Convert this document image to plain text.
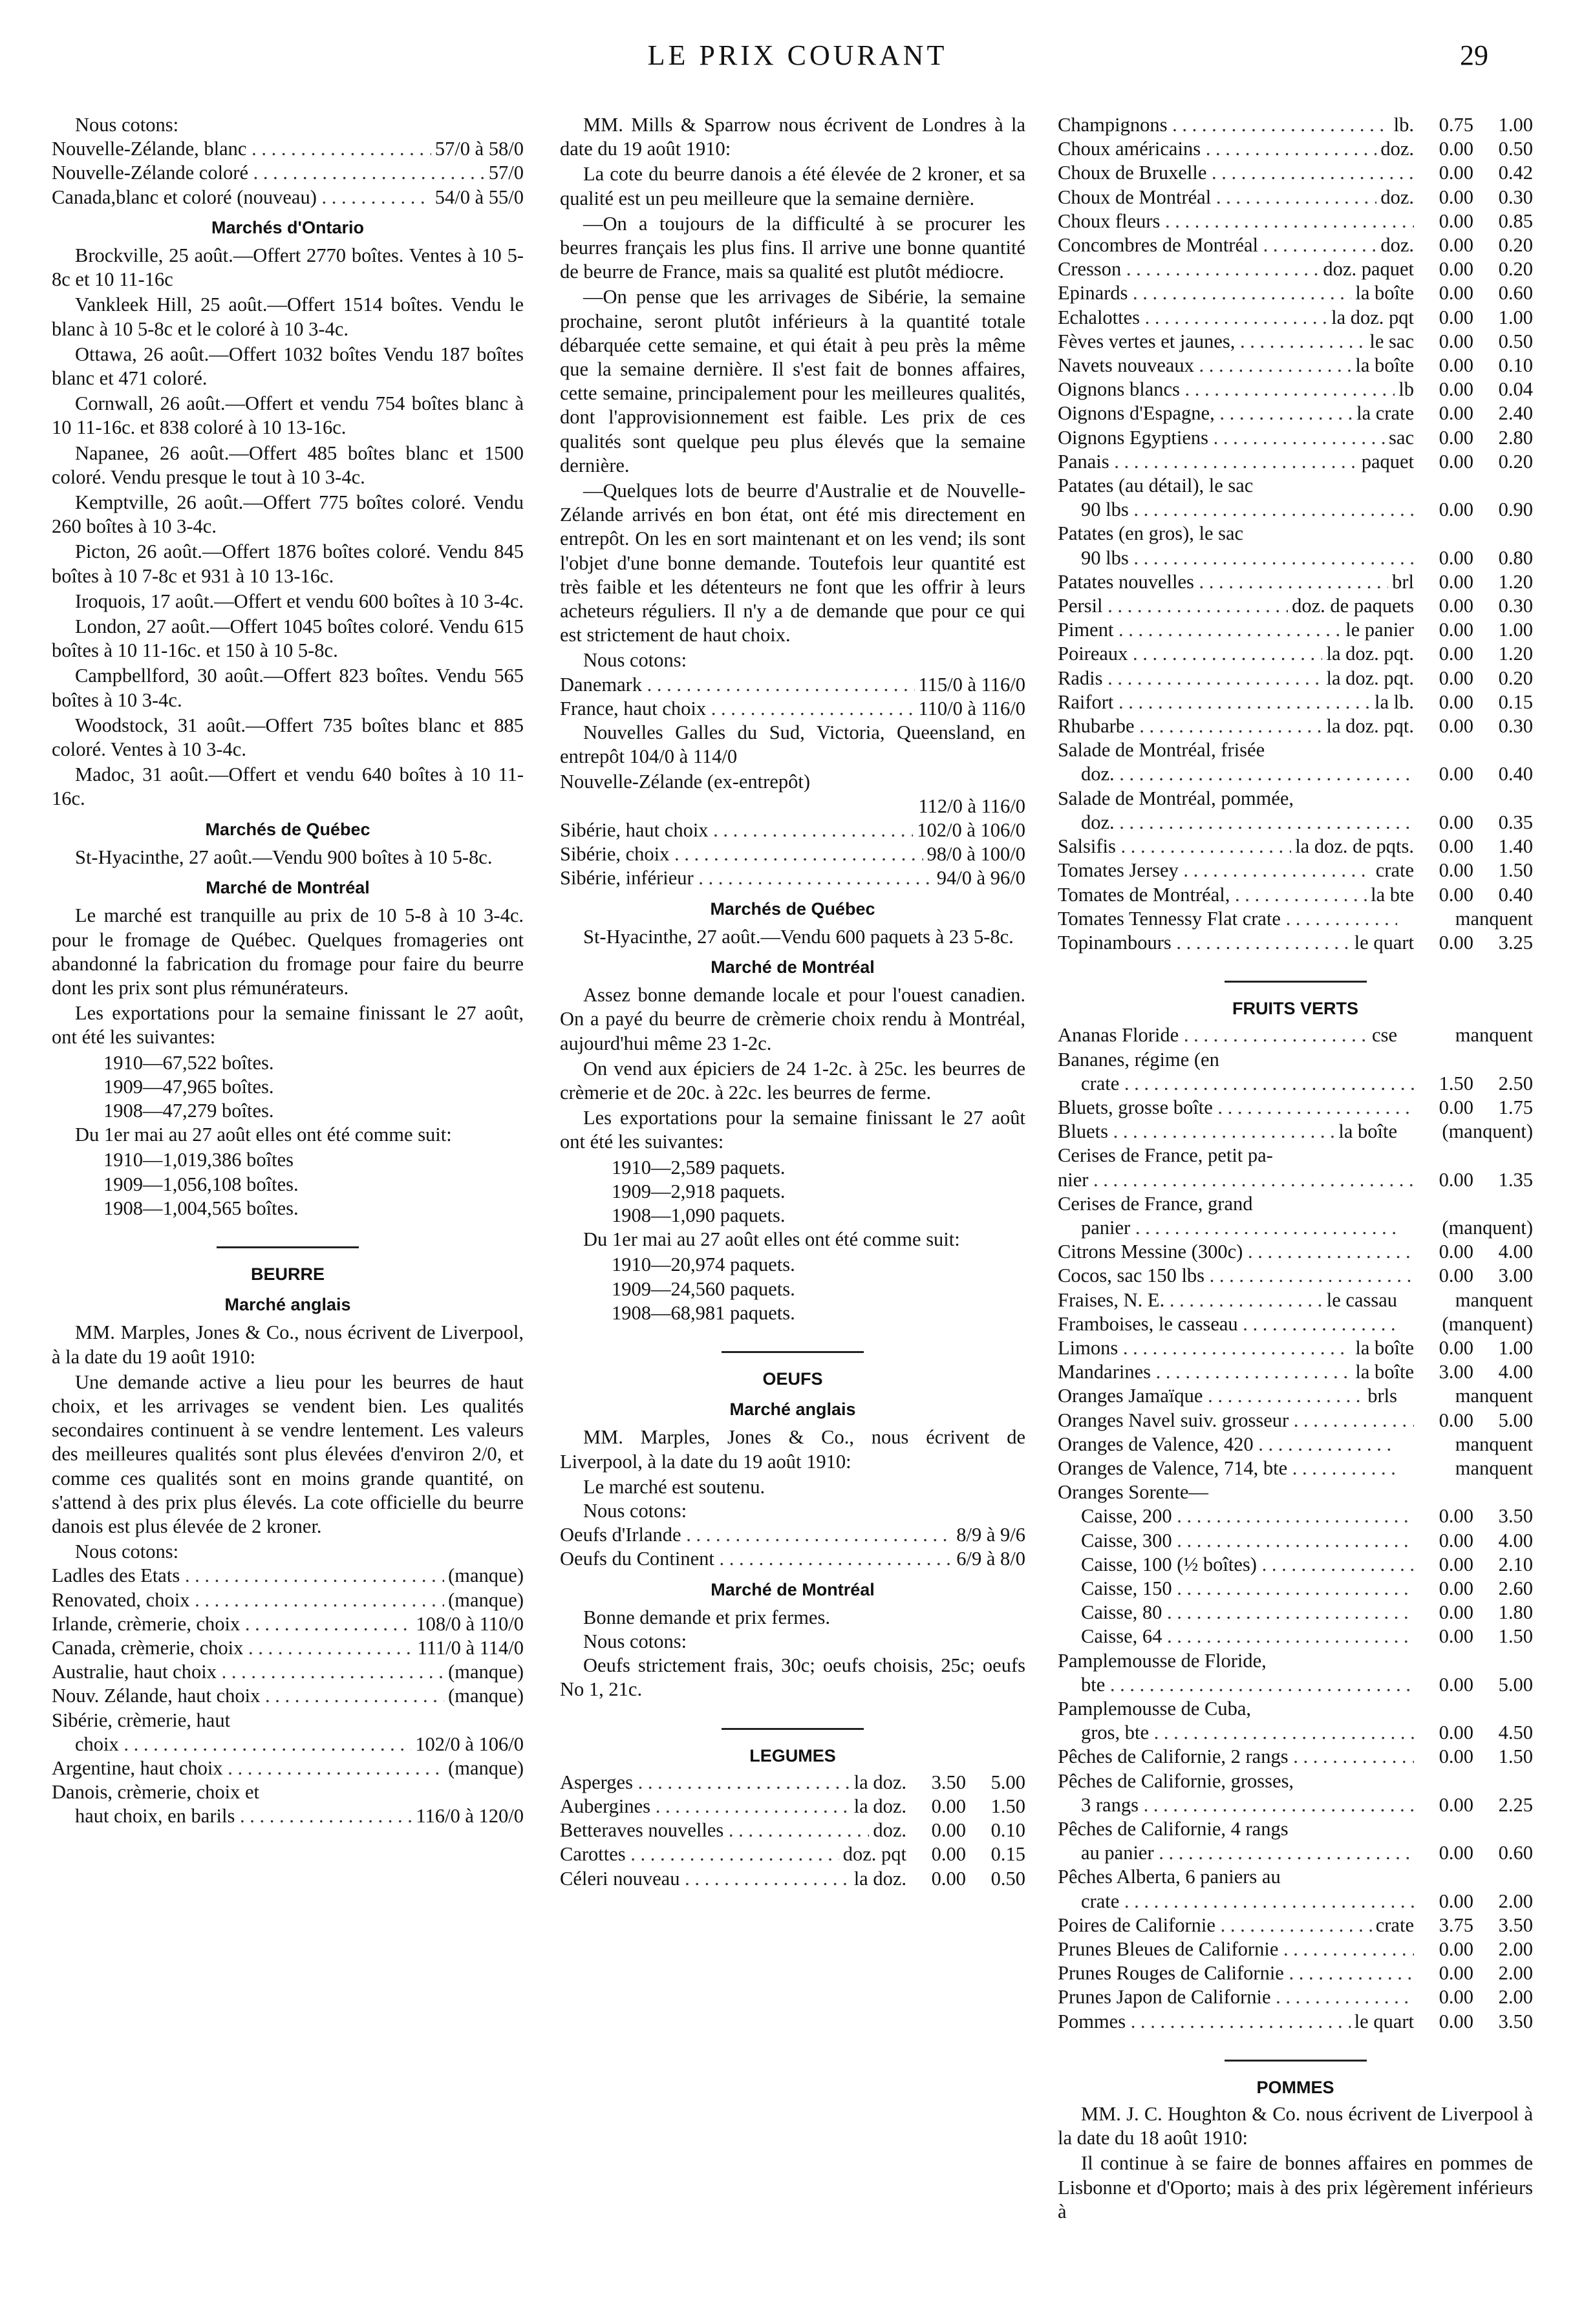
LE PRIX COURANT	29
Nous cotons:
Nouvelle-Zélande, blanc . . .	57/0 à 58/0
Nouvelle-Zélande coloré . . .	57/0
Canada,blanc et coloré (nouveau) . . .	54/0 à 55/0
Marchés d'Ontario

Brockville, 25 août.—Offert 2770 boîtes. Ventes à 10 5-8c et 10 11-16c

Vankleek Hill, 25 août.—Offert 1514 boîtes. Vendu le blanc à 10 5-8c et le coloré à 10 3-4c.

Ottawa, 26 août.—Offert 1032 boîtes Vendu 187 boîtes blanc et 471 coloré.

Cornwall, 26 août.—Offert et vendu 754 boîtes blanc à 10 11-16c. et 838 coloré à 10 13-16c.

Napanee, 26 août.—Offert 485 boîtes blanc et 1500 coloré. Vendu presque le tout à 10 3-4c.

Kemptville, 26 août.—Offert 775 boîtes coloré. Vendu 260 boîtes à 10 3-4c.

Picton, 26 août.—Offert 1876 boîtes coloré. Vendu 845 boîtes à 10 7-8c et 931 à 10 13-16c.

Iroquois, 17 août.—Offert et vendu 600 boîtes à 10 3-4c.

London, 27 août.—Offert 1045 boîtes coloré. Vendu 615 boîtes à 10 11-16c. et 150 à 10 5-8c.

Campbellford, 30 août.—Offert 823 boîtes. Vendu 565 boîtes à 10 3-4c.

Woodstock, 31 août.—Offert 735 boîtes blanc et 885 coloré. Ventes à 10 3-4c.

Madoc, 31 août.—Offert et vendu 640 boîtes à 10 11-16c.

Marchés de Québec

St-Hyacinthe, 27 août.—Vendu 900 boîtes à 10 5-8c.

Marché de Montréal

Le marché est tranquille au prix de 10 5-8 à 10 3-4c. pour le fromage de Québec. Quelques fromageries ont abandonné la fabrication du fromage pour faire du beurre dont les prix sont plus rémunérateurs.

Les exportations pour la semaine finissant le 27 août, ont été les suivantes:

1910—67,522 boîtes.
1909—47,965 boîtes.
1908—47,279 boîtes.

Du 1er mai au 27 août elles ont été comme suit:

1910—1,019,386 boîtes
1909—1,056,108 boîtes.
1908—1,004,565 boîtes.
BEURRE
Marché anglais

MM. Marples, Jones & Co., nous écrivent de Liverpool, à la date du 19 août 1910:

Une demande active a lieu pour les beurres de haut choix, et les arrivages se vendent bien. Les qualités secondaires continuent à se vendre lentement. Les valeurs des meilleures qualités sont plus élevées d'environ 2/0, et comme ces qualités sont en moins grande quantité, on s'attend à des prix plus élevés. La cote officielle du beurre danois est plus élevée de 2 kroner.

Nous cotons:
Ladles des Etats . . .	(manque)
Renovated, choix . . .	(manque)
Irlande, crèmerie, choix . . .	108/0 à 110/0
Canada, crèmerie, choix . . .	111/0 à 114/0
Australie, haut choix . . .	(manque)
Nouv. Zélande, haut choix . . .	(manque)
Sibérie, crèmerie, haut
choix . . .	102/0 à 106/0
Argentine, haut choix . . .	(manque)
Danois, crèmerie, choix et
haut choix, en barils . . .	116/0 à 120/0

MM. Mills & Sparrow nous écrivent de Londres à la date du 19 août 1910:

La cote du beurre danois a été élevée de 2 kroner, et sa qualité est un peu meilleure que la semaine dernière.

—On a toujours de la difficulté à se procurer les beurres français les plus fins. Il arrive une bonne quantité de beurre de France, mais sa qualité est plutôt médiocre.

—On pense que les arrivages de Sibérie, la semaine prochaine, seront plutôt inférieurs à la quantité totale débarquée cette semaine, et qui était à peu près la même que la semaine dernière. Il s'est fait de bonnes affaires, cette semaine, principalement pour les meilleures qualités, dont l'approvisionnement est faible. Les prix de ces qualités sont quelque peu plus élevés que la semaine dernière.

—Quelques lots de beurre d'Australie et de Nouvelle-Zélande arrivés en bon état, ont été mis directement en entrepôt. On les en sort maintenant et on les vend; ils sont l'objet d'une bonne demande. Toutefois leur quantité est très faible et les détenteurs ne font que les offrir à leurs acheteurs réguliers. Il n'y a de demande que pour ce qui est strictement de haut choix.

Nous cotons:
Danemark . . .	115/0 à 116/0
France, haut choix . . .	110/0 à 116/0

Nouvelles Galles du Sud, Victoria, Queensland, en entrepôt 104/0 à 114/0

Nouvelle-Zélande (ex-entrepôt)
112/0 à 116/0
Sibérie, haut choix . . .	102/0 à 106/0
Sibérie, choix . . .	98/0 à 100/0
Sibérie, inférieur . . .	94/0 à 96/0
Marchés de Québec

St-Hyacinthe, 27 août.—Vendu 600 paquets à 23 5-8c.

Marché de Montréal

Assez bonne demande locale et pour l'ouest canadien. On a payé du beurre de crèmerie choix rendu à Montréal, aujourd'hui même 23 1-2c.

On vend aux épiciers de 24 1-2c. à 25c. les beurres de crèmerie et de 20c. à 22c. les beurres de ferme.

Les exportations pour la semaine finissant le 27 août ont été les suivantes:

1910—2,589 paquets.
1909—2,918 paquets.
1908—1,090 paquets.

Du 1er mai au 27 août elles ont été comme suit:

1910—20,974 paquets.
1909—24,560 paquets.
1908—68,981 paquets.
OEUFS
Marché anglais

MM. Marples, Jones & Co., nous écrivent de Liverpool, à la date du 19 août 1910:

Le marché est soutenu.
Nous cotons:
Oeufs d'Irlande . . .	8/9 à 9/6
Oeufs du Continent . . .	6/9 à 8/0
Marché de Montréal
Bonne demande et prix fermes.
Nous cotons:

Oeufs strictement frais, 30c; oeufs choisis, 25c; oeufs No 1, 21c.

LEGUMES
Asperges . . .	la doz.	3.50	5.00
Aubergines . . .	la doz.	0.00	1.50
Betteraves nouvelles . . .	doz.	0.00	0.10
Carottes . . .	doz. pqt	0.00	0.15
Céleri nouveau . . .	la doz.	0.00	0.50
Champignons . . .	lb.	0.75	1.00
Choux américains . . .	doz.	0.00	0.50
Choux de Bruxelle . . .	0.00	0.42
Choux de Montréal . . .	doz.	0.00	0.30
Choux fleurs . . .	0.00	0.85
Concombres de Montréal . . .	doz.	0.00	0.20
Cresson . . .	doz. paquet	0.00	0.20
Epinards . . .	la boîte	0.00	0.60
Echalottes . . .	la doz. pqt	0.00	1.00
Fèves vertes et jaunes, . . .	le sac	0.00	0.50
Navets nouveaux . . .	la boîte	0.00	0.10
Oignons blancs . . .	lb	0.00	0.04
Oignons d'Espagne, . . .	la crate	0.00	2.40
Oignons Egyptiens . . .	sac	0.00	2.80
Panais . . .	paquet	0.00	0.20
Patates (au détail), le sac
90 lbs . . .	0.00	0.90
Patates (en gros), le sac
90 lbs . . .	0.00	0.80
Patates nouvelles . . .	brl	0.00	1.20
Persil . . .	doz. de paquets	0.00	0.30
Piment . . .	le panier	0.00	1.00
Poireaux . . .	la doz. pqt.	0.00	1.20
Radis . . .	la doz. pqt.	0.00	0.20
Raifort . . .	la lb.	0.00	0.15
Rhubarbe . . .	la doz. pqt.	0.00	0.30
Salade de Montréal, frisée
doz. . . .	0.00	0.40
Salade de Montréal, pommée,
doz. . . .	0.00	0.35
Salsifis . . .	la doz. de pqts.	0.00	1.40
Tomates Jersey . . .	crate	0.00	1.50
Tomates de Montréal, . . .	la bte	0.00	0.40
Tomates Tennessy Flat crate . . .	manquent
Topinambours . . .	le quart	0.00	3.25
FRUITS VERTS
Ananas Floride . . .	cse	manquent
Bananes, régime (en
crate . . .	1.50	2.50
Bluets, grosse boîte . . .	0.00	1.75
Bluets . . .	la boîte	(manquent)
Cerises de France, petit pa-
nier . . .	0.00	1.35
Cerises de France, grand
panier . . .	(manquent)
Citrons Messine (300c) . . .	0.00	4.00
Cocos, sac 150 lbs . . .	0.00	3.00
Fraises, N. E. . . .	le cassau	manquent
Framboises, le casseau . . .	(manquent)
Limons . . .	la boîte	0.00	1.00
Mandarines . . .	la boîte	3.00	4.00
Oranges Jamaïque . . .	brls	manquent
Oranges Navel suiv. grosseur . . .	0.00	5.00
Oranges de Valence, 420 . . .	manquent
Oranges de Valence, 714, bte . . .	manquent
Oranges Sorente—
Caisse, 200 . . .	0.00	3.50
Caisse, 300 . . .	0.00	4.00
Caisse, 100 (½ boîtes) . . .	0.00	2.10
Caisse, 150 . . .	0.00	2.60
Caisse, 80 . . .	0.00	1.80
Caisse, 64 . . .	0.00	1.50
Pamplemousse de Floride,
bte . . .	0.00	5.00
Pamplemousse de Cuba,
gros, bte . . .	0.00	4.50
Pêches de Californie, 2 rangs . . .	0.00	1.50
Pêches de Californie, grosses,
3 rangs . . .	0.00	2.25
Pêches de Californie, 4 rangs
au panier . . .	0.00	0.60
Pêches Alberta, 6 paniers au
crate . . .	0.00	2.00
Poires de Californie . . .	crate	3.75	3.50
Prunes Bleues de Californie . . .	0.00	2.00
Prunes Rouges de Californie . . .	0.00	2.00
Prunes Japon de Californie . . .	0.00	2.00
Pommes . . .	le quart	0.00	3.50
POMMES

MM. J. C. Houghton & Co. nous écrivent de Liverpool à la date du 18 août 1910:

Il continue à se faire de bonnes affaires en pommes de Lisbonne et d'Oporto; mais à des prix légèrement inférieurs à
